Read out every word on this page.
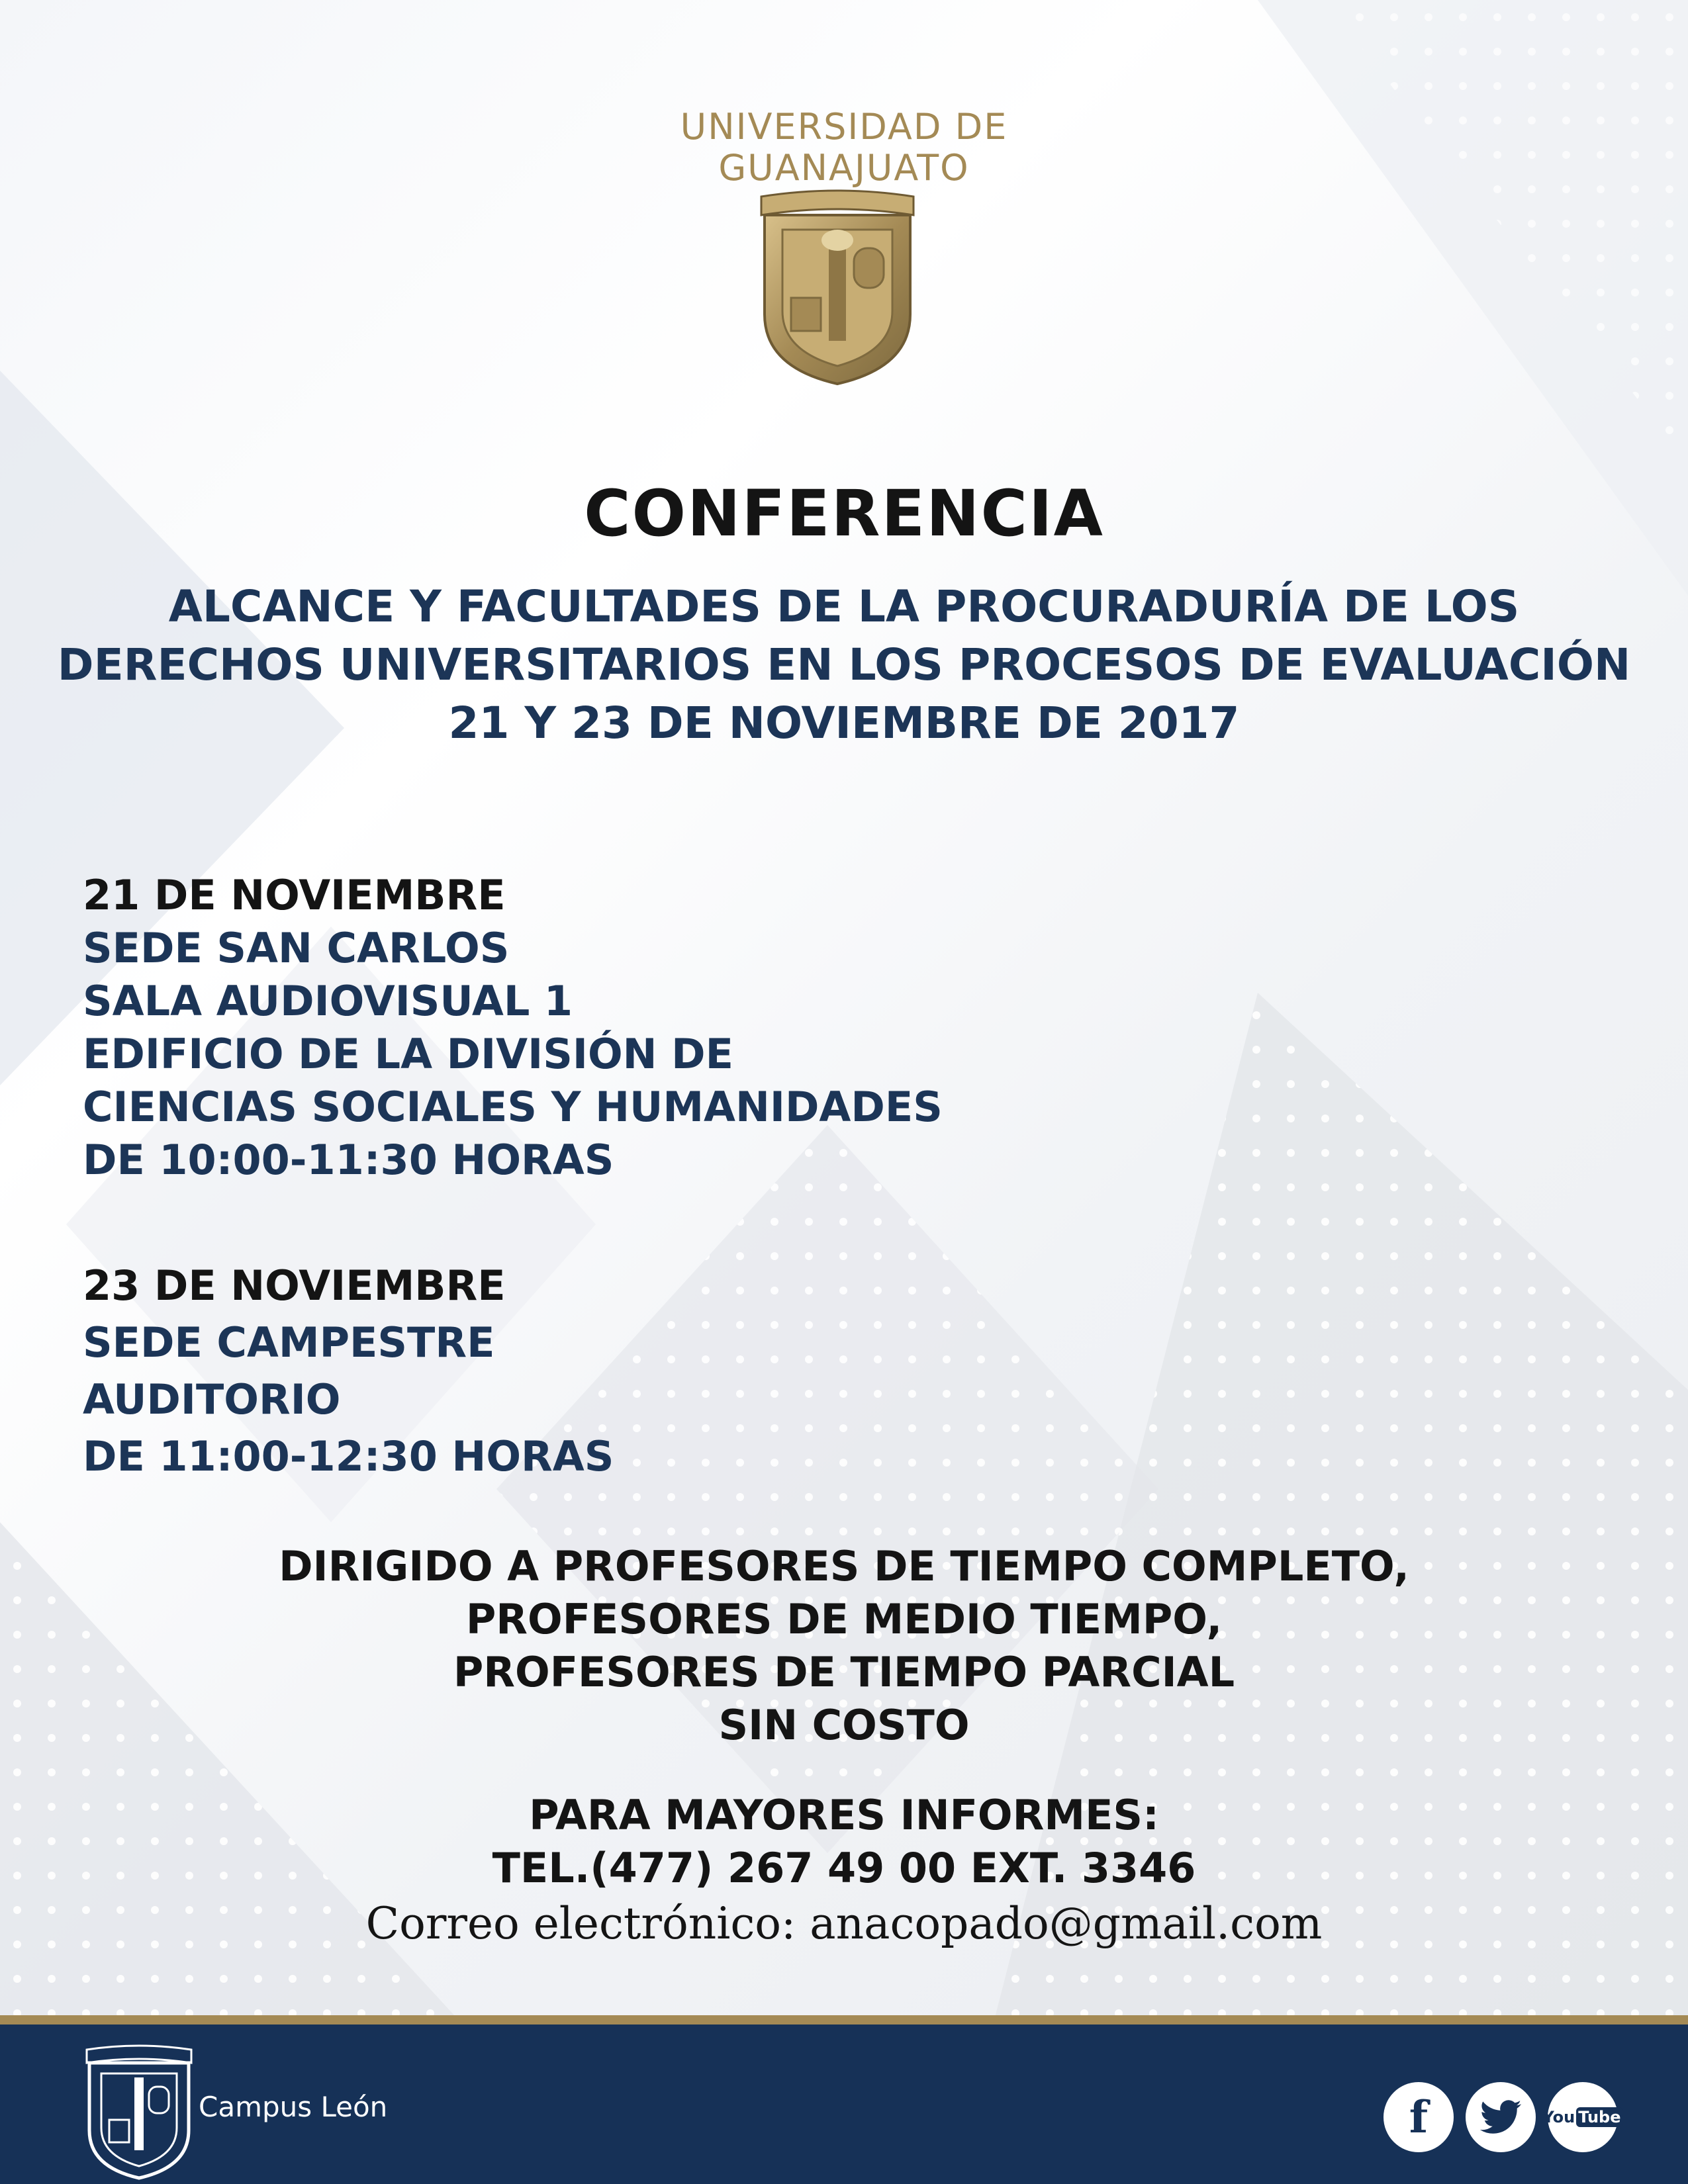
UNIVERSIDAD DE
GUANAJUATO
CONFERENCIA
ALCANCE Y FACULTADES DE LA PROCURADURÍA DE LOS
DERECHOS UNIVERSITARIOS EN LOS PROCESOS DE EVALUACIÓN
21 Y 23 DE NOVIEMBRE DE 2017
21 DE NOVIEMBRE
SEDE SAN CARLOS
SALA AUDIOVISUAL 1
EDIFICIO DE LA DIVISIÓN DE
CIENCIAS SOCIALES Y HUMANIDADES
DE 10:00-11:30 HORAS
23 DE NOVIEMBRE
SEDE CAMPESTRE
AUDITORIO
DE 11:00-12:30 HORAS
DIRIGIDO A PROFESORES DE TIEMPO COMPLETO,
PROFESORES DE MEDIO TIEMPO,
PROFESORES DE TIEMPO PARCIAL
SIN COSTO
PARA MAYORES INFORMES:
TEL.(477) 267 49 00 EXT. 3346
Correo electrónico: anacopado@gmail.com
Campus León	f	You Tube
